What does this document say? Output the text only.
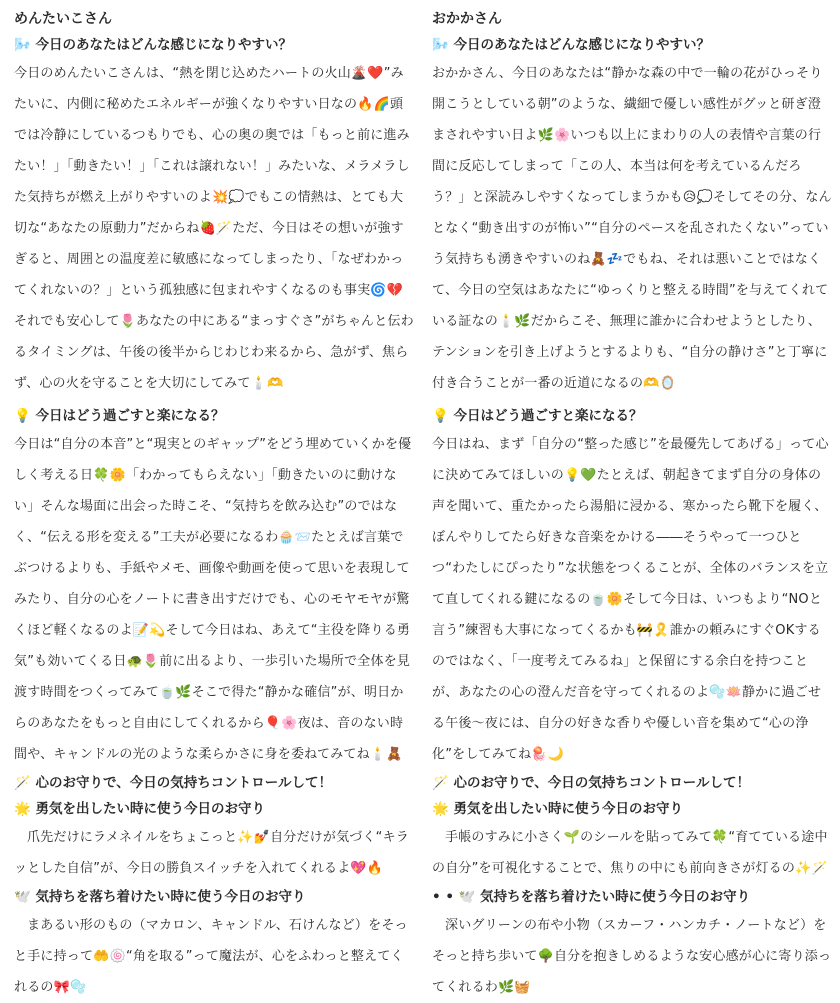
めんたいこさん
🌬️ 今日のあなたはどんな感じになりやすい？

今日のめんたいこさんは、“熱を閉じ込めたハートの火山🌋❤️”みたいに、内側に秘めたエネルギーが強くなりやすい日なの🔥🌈頭では冷静にしているつもりでも、心の奥の奥では「もっと前に進みたい！」「動きたい！」「これは譲れない！」みたいな、メラメラした気持ちが燃え上がりやすいのよ💥💭でもこの情熱は、とても大切な“あなたの原動力”だからね🍓🪄ただ、今日はその想いが強すぎると、周囲との温度差に敏感になってしまったり、「なぜわかってくれないの？」という孤独感に包まれやすくなるのも事実🌀💔それでも安心して🌷あなたの中にある“まっすぐさ”がちゃんと伝わるタイミングは、午後の後半からじわじわ来るから、急がず、焦らず、心の火を守ることを大切にしてみて🕯️🫶

💡 今日はどう過ごすと楽になる？

今日は“自分の本音”と“現実とのギャップ”をどう埋めていくかを優しく考える日🍀🌼「わかってもらえない」「動きたいのに動けない」そんな場面に出会った時こそ、“気持ちを飲み込む”のではなく、“伝える形を変える”工夫が必要になるわ🧁📨たとえば言葉でぶつけるよりも、手紙やメモ、画像や動画を使って思いを表現してみたり、自分の心をノートに書き出すだけでも、心のモヤモヤが驚くほど軽くなるのよ📝💫そして今日はね、あえて“主役を降りる勇気”も効いてくる日🐢🌷前に出るより、一歩引いた場所で全体を見渡す時間をつくってみて🍵🌿そこで得た“静かな確信”が、明日からのあなたをもっと自由にしてくれるから🎈🌸夜は、音のない時間や、キャンドルの光のような柔らかさに身を委ねてみてね🕯️🧸

🪄 心のお守りで、今日の気持ちコントロールして！
🌟 勇気を出したい時に使う今日のお守り

爪先だけにラメネイルをちょこっと✨💅自分だけが気づく“キラッとした自信”が、今日の勝負スイッチを入れてくれるよ💖🔥

🕊️ 気持ちを落ち着けたい時に使う今日のお守り

まあるい形のもの（マカロン、キャンドル、石けんなど）をそっと手に持って🤲🍥“角を取る”って魔法が、心をふわっと整えてくれるの🎀🫧

おかかさん
🌬️ 今日のあなたはどんな感じになりやすい？

おかかさん、今日のあなたは“静かな森の中で一輪の花がひっそり開こうとしている朝”のような、繊細で優しい感性がグッと研ぎ澄まされやすい日よ🌿🌸いつも以上にまわりの人の表情や言葉の行間に反応してしまって「この人、本当は何を考えているんだろう？」と深読みしやすくなってしまうかも😥💭そしてその分、なんとなく“動き出すのが怖い”“自分のペースを乱されたくない”っていう気持ちも湧きやすいのね🧸💤でもね、それは悪いことではなくて、今日の空気はあなたに“ゆっくりと整える時間”を与えてくれている証なの🕯️🌿だからこそ、無理に誰かに合わせようとしたり、テンションを引き上げようとするよりも、“自分の静けさ”と丁寧に付き合うことが一番の近道になるの🫶🪞

💡 今日はどう過ごすと楽になる？

今日はね、まず「自分の“整った感じ”を最優先してあげる」って心に決めてみてほしいの💡💚たとえば、朝起きてまず自分の身体の声を聞いて、重たかったら湯船に浸かる、寒かったら靴下を履く、ぼんやりしてたら好きな音楽をかける――そうやって一つひとつ“わたしにぴったり”な状態をつくることが、全体のバランスを立て直してくれる鍵になるの🍵🌼そして今日は、いつもより“NOと言う”練習も大事になってくるかも🚧🎗️誰かの頼みにすぐOKするのではなく、「一度考えてみるね」と保留にする余白を持つことが、あなたの心の澄んだ音を守ってくれるのよ🫧🪷静かに過ごせる午後〜夜には、自分の好きな香りや優しい音を集めて“心の浄化”をしてみてね🪼🌙

🪄 心のお守りで、今日の気持ちコントロールして！
🌟 勇気を出したい時に使う今日のお守り

手帳のすみに小さく🌱のシールを貼ってみて🍀“育てている途中の自分”を可視化することで、焦りの中にも前向きさが灯るの✨🪄

• • 🕊️ 気持ちを落ち着けたい時に使う今日のお守り

深いグリーンの布や小物（スカーフ・ハンカチ・ノートなど）をそっと持ち歩いて🌳自分を抱きしめるような安心感が心に寄り添ってくれるわ🌿🧺
